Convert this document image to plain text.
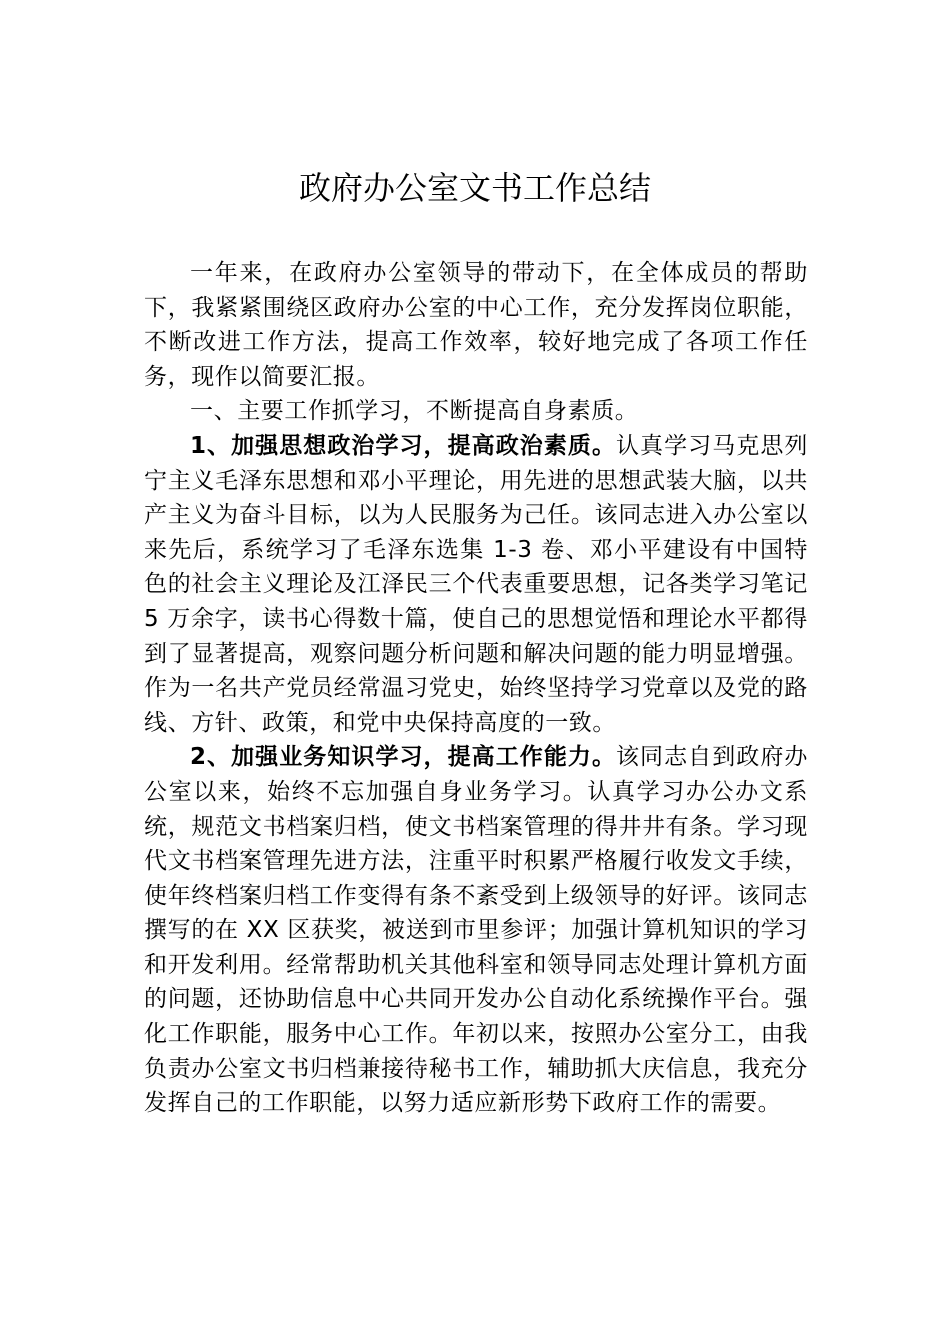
政府办公室文书工作总结

一年来，在政府办公室领导的带动下，在全体成员的帮助下，我紧紧围绕区政府办公室的中心工作，充分发挥岗位职能，不断改进工作方法，提高工作效率，较好地完成了各项工作任务，现作以简要汇报。

一、主要工作抓学习，不断提高自身素质。

1、加强思想政治学习，提高政治素质。认真学习马克思列宁主义毛泽东思想和邓小平理论，用先进的思想武装大脑，以共产主义为奋斗目标，以为人民服务为己任。该同志进入办公室以来先后，系统学习了毛泽东选集 1-3 卷、邓小平建设有中国特色的社会主义理论及江泽民三个代表重要思想，记各类学习笔记 5 万余字，读书心得数十篇，使自己的思想觉悟和理论水平都得到了显著提高，观察问题分析问题和解决问题的能力明显增强。作为一名共产党员经常温习党史，始终坚持学习党章以及党的路线、方针、政策，和党中央保持高度的一致。

2、加强业务知识学习，提高工作能力。该同志自到政府办公室以来，始终不忘加强自身业务学习。认真学习办公办文系统，规范文书档案归档，使文书档案管理的得井井有条。学习现代文书档案管理先进方法，注重平时积累严格履行收发文手续，使年终档案归档工作变得有条不紊受到上级领导的好评。该同志撰写的在 XX 区获奖，被送到市里参评；加强计算机知识的学习和开发利用。经常帮助机关其他科室和领导同志处理计算机方面的问题，还协助信息中心共同开发办公自动化系统操作平台。强化工作职能，服务中心工作。年初以来，按照办公室分工，由我负责办公室文书归档兼接待秘书工作，辅助抓大庆信息，我充分发挥自己的工作职能，以努力适应新形势下政府工作的需要。
